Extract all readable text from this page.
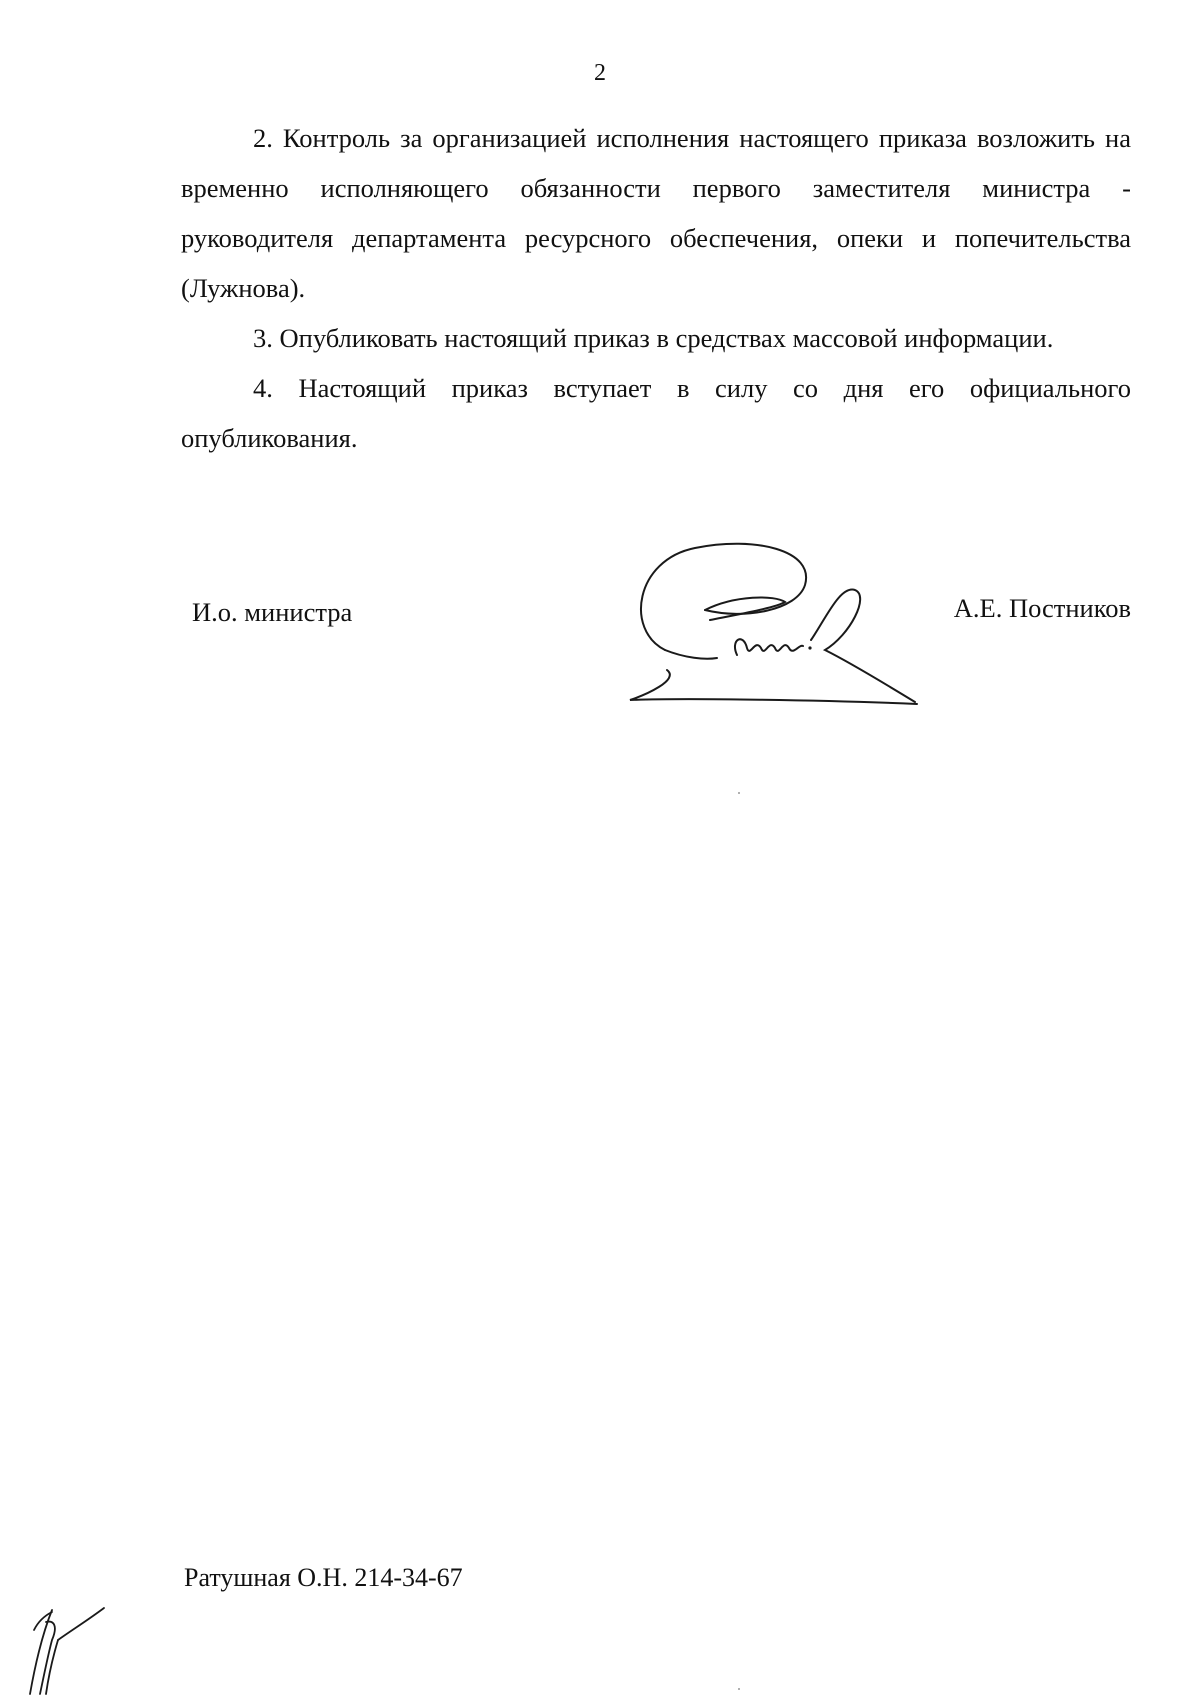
2

2. Контроль за организацией исполнения настоящего приказа возложить на временно исполняющего обязанности первого заместителя министра - руководителя департамента ресурсного обеспечения, опеки и попечительства (Лужнова).

3. Опубликовать настоящий приказ в средствах массовой информации.

4. Настоящий приказ вступает в силу со дня его официального опубликования.

И.о. министра	А.Е. Постников
Ратушная О.Н. 214-34-67
